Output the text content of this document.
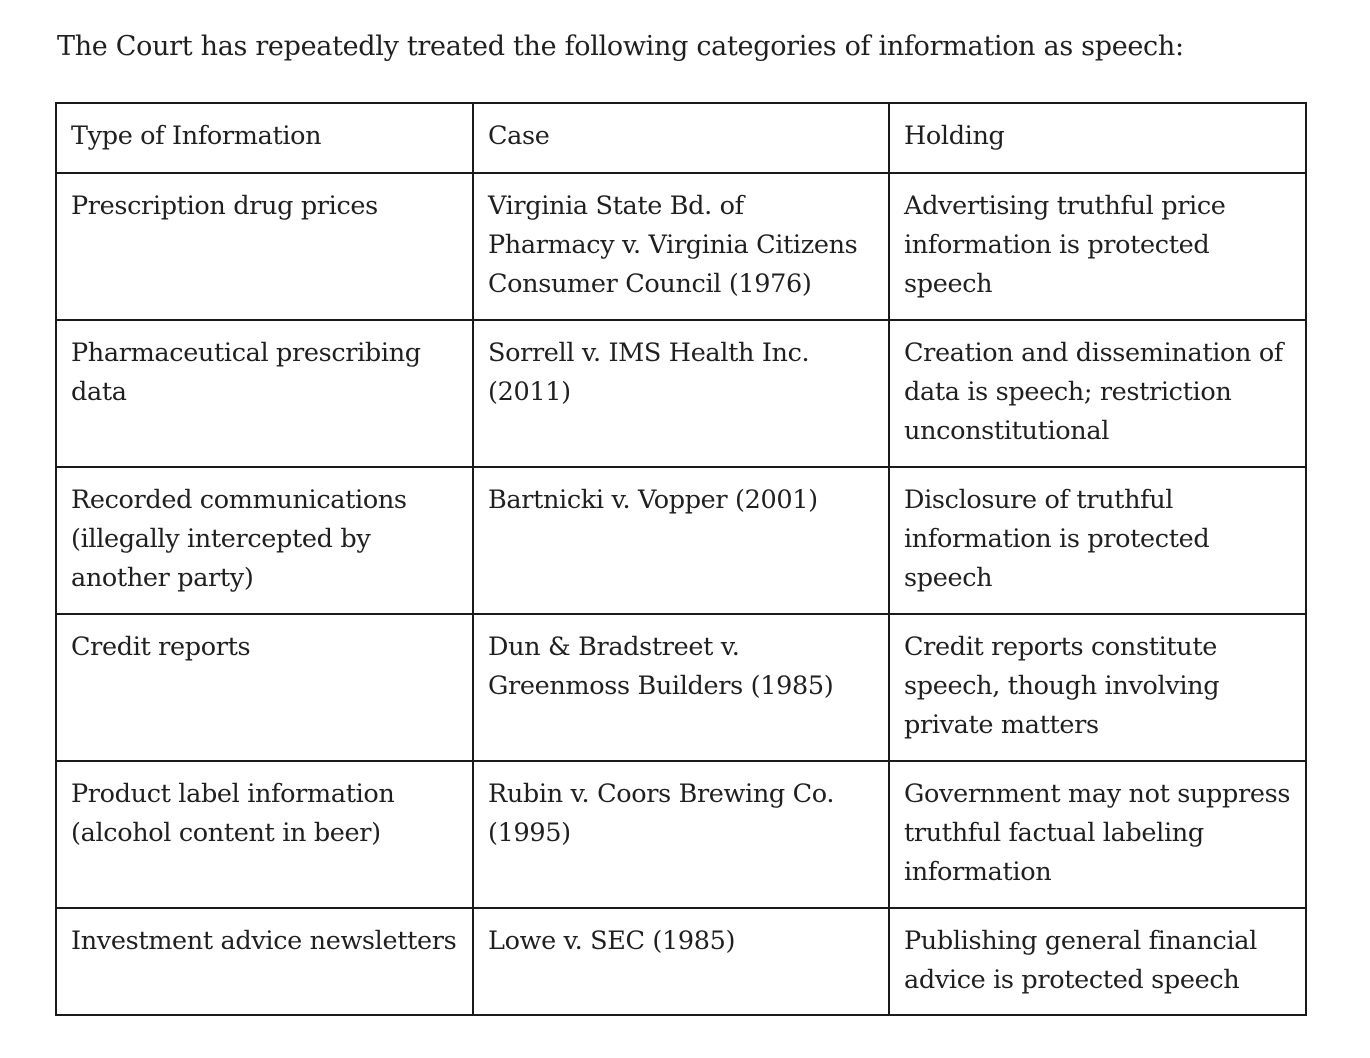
The Court has repeatedly treated the following categories of information as speech:

Type of Information	Case	Holding
Prescription drug prices	Virginia State Bd. of Pharmacy v. Virginia Citizens Consumer Council (1976)	Advertising truthful price information is protected speech
Pharmaceutical prescribing data	Sorrell v. IMS Health Inc. (2011)	Creation and dissemination of data is speech; restriction unconstitutional
Recorded communications (illegally intercepted by another party)	Bartnicki v. Vopper (2001)	Disclosure of truthful information is protected speech
Credit reports	Dun & Bradstreet v. Greenmoss Builders (1985)	Credit reports constitute speech, though involving private matters
Product label information (alcohol content in beer)	Rubin v. Coors Brewing Co. (1995)	Government may not suppress truthful factual labeling information
Investment advice newsletters	Lowe v. SEC (1985)	Publishing general financial advice is protected speech
